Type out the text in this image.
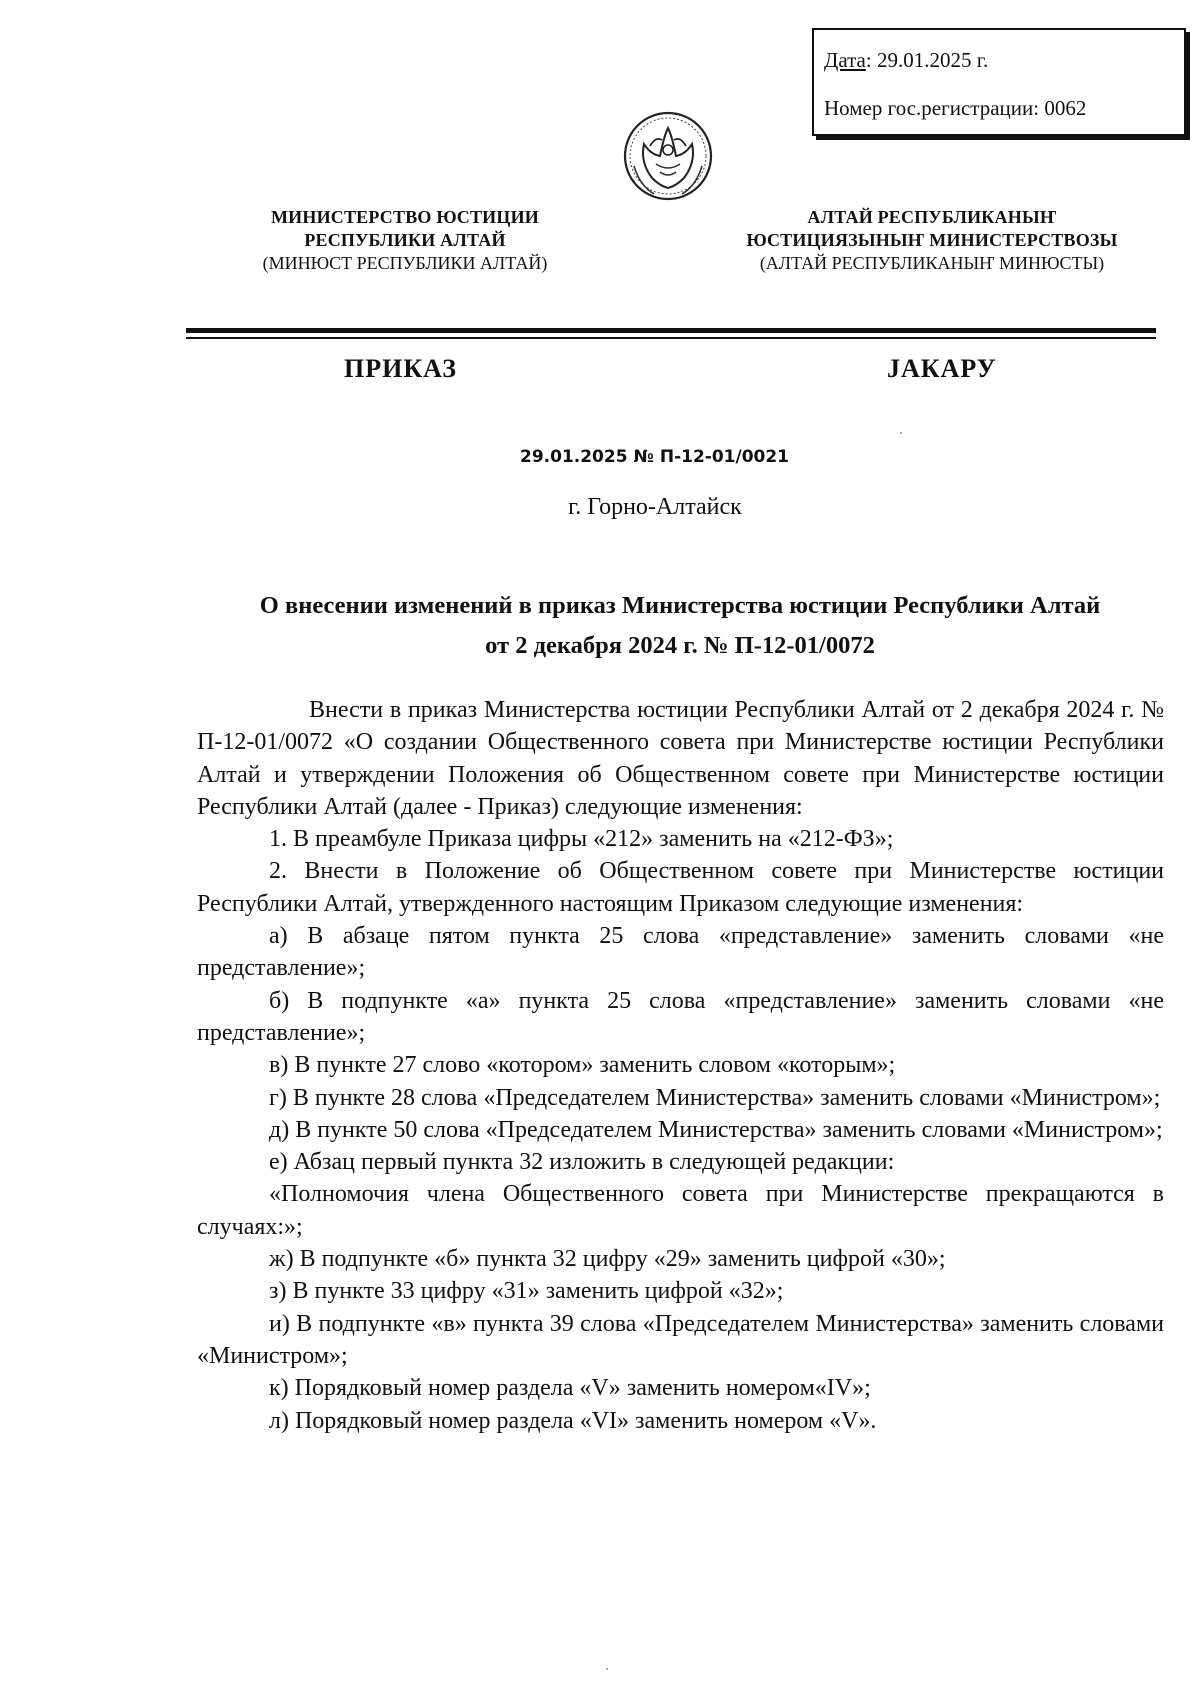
Дата: 29.01.2025 г.
Номер гос.регистрации: 0062
МИНИСТЕРСТВО ЮСТИЦИИ
РЕСПУБЛИКИ АЛТАЙ
(МИНЮСТ РЕСПУБЛИКИ АЛТАЙ)
АЛТАЙ РЕСПУБЛИКАНЫҤ
ЮСТИЦИЯЗЫНЫҤ МИНИСТЕРСТВОЗЫ
(АЛТАЙ РЕСПУБЛИКАНЫҤ МИНЮСТЫ)
ПРИКАЗ	ЈАКАРУ
29.01.2025 № П-12-01/0021
г. Горно-Алтайск
О внесении изменений в приказ Министерства юстиции Республики Алтай
от 2 декабря 2024 г. № П-12-01/0072

Внести в приказ Министерства юстиции Республики Алтай от 2 декабря 2024 г. № П-12-01/0072 «О создании Общественного совета при Министерстве юстиции Республики Алтай и утверждении Положения об Общественном совете при Министерстве юстиции Республики Алтай (далее - Приказ) следующие изменения:

1. В преамбуле Приказа цифры «212» заменить на «212-ФЗ»;

2. Внести в Положение об Общественном совете при Министерстве юстиции Республики Алтай, утвержденного настоящим Приказом следующие изменения:

а) В абзаце пятом пункта 25 слова «представление» заменить словами «не представление»;

б) В подпункте «а» пункта 25 слова «представление» заменить словами «не представление»;

в) В пункте 27 слово «котором» заменить словом «которым»;

г) В пункте 28 слова «Председателем Министерства» заменить словами «Министром»;

д) В пункте 50 слова «Председателем Министерства» заменить словами «Министром»;

е) Абзац первый пункта 32 изложить в следующей редакции:

«Полномочия члена Общественного совета при Министерстве прекращаются в случаях:»;

ж) В подпункте «б» пункта 32 цифру «29» заменить цифрой «30»;

з) В пункте 33 цифру «31» заменить цифрой «32»;

и) В подпункте «в» пункта 39 слова «Председателем Министерства» заменить словами «Министром»;

к) Порядковый номер раздела «V» заменить номером«IV»;

л) Порядковый номер раздела «VI» заменить номером «V».
